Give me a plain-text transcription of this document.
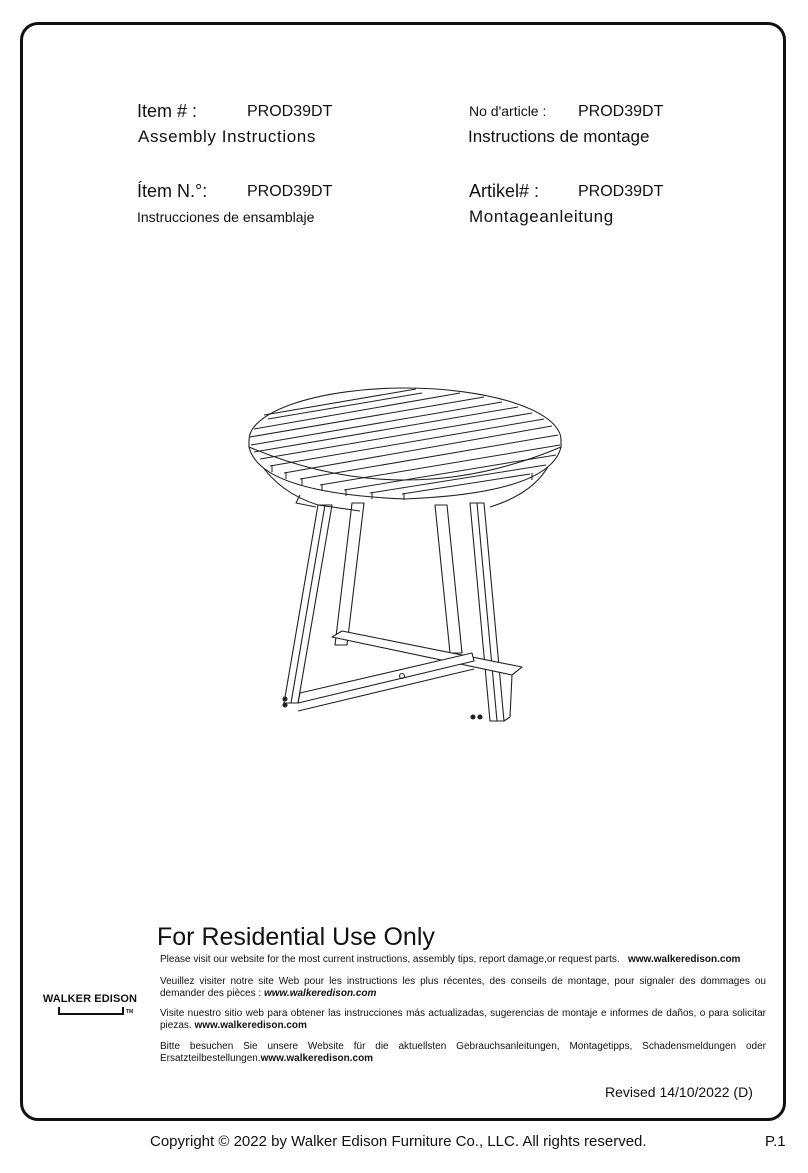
Item # :	PROD39DT
Assembly Instructions
No d'article : PROD39DT
Instructions de montage
Ítem N.°: PROD39DT
Instrucciones de ensamblaje
Artikel# : PROD39DT
Montageanleitung
For Residential Use Only
Please visit our website for the most current instructions, assembly tips, report damage,or request parts. www.walkeredison.com
Veuillez visiter notre site Web pour les instructions les plus récentes, des conseils de montage, pour signaler des dommages ou demander des pièces : www.walkeredison.com
Visite nuestro sitio web para obtener las instrucciones más actualizadas, sugerencias de montaje e informes de daños, o para solicitar piezas. www.walkeredison.com
Bitte besuchen Sie unsere Website für die aktuellsten Gebrauchsanleitungen, Montagetipps, Schadensmeldungen oder Ersatzteilbestellungen.www.walkeredison.com
WALKER EDISON
TM
Revised 14/10/2022 (D)
Copyright © 2022 by Walker Edison Furniture Co., LLC. All rights reserved.	P.1
